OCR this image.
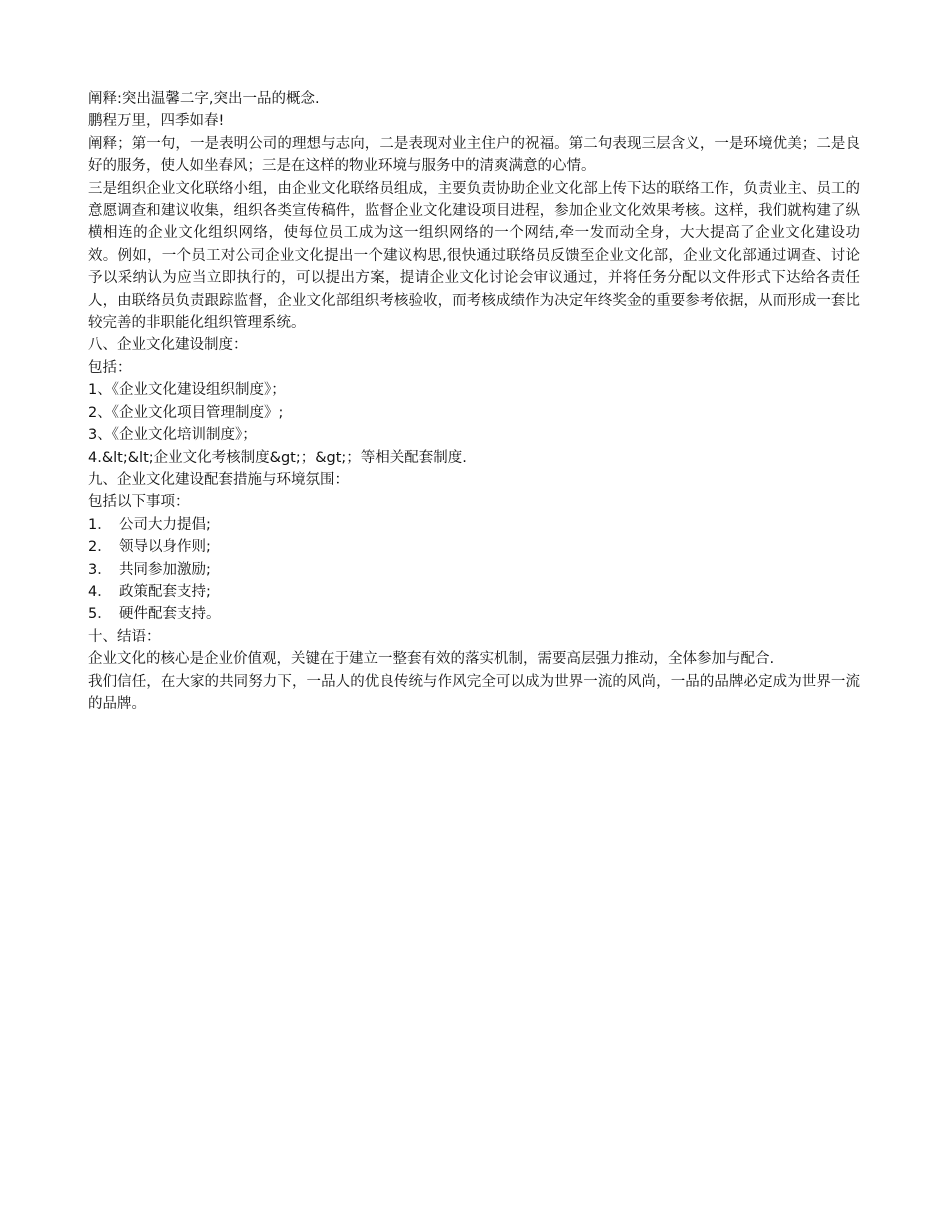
阐释:突出温馨二字,突出一品的概念.

鹏程万里，四季如春!

阐释；第一句，一是表明公司的理想与志向，二是表现对业主住户的祝福。第二句表现三层含义，一是环境优美；二是良好的服务，使人如坐春风；三是在这样的物业环境与服务中的清爽满意的心情。

三是组织企业文化联络小组，由企业文化联络员组成，主要负责协助企业文化部上传下达的联络工作，负责业主、员工的意愿调查和建议收集，组织各类宣传稿件，监督企业文化建设项目进程，参加企业文化效果考核。这样，我们就构建了纵横相连的企业文化组织网络，使每位员工成为这一组织网络的一个网结,牵一发而动全身，大大提高了企业文化建设功效。例如，一个员工对公司企业文化提出一个建议构思,很快通过联络员反馈至企业文化部，企业文化部通过调查、讨论予以采纳认为应当立即执行的，可以提出方案，提请企业文化讨论会审议通过，并将任务分配以文件形式下达给各责任人，由联络员负责跟踪监督，企业文化部组织考核验收，而考核成绩作为决定年终奖金的重要参考依据，从而形成一套比较完善的非职能化组织管理系统。

八、企业文化建设制度：

包括：

1、《企业文化建设组织制度》；

2、《企业文化项目管理制度》;

3、《企业文化培训制度》；

4.&lt;&lt;企业文化考核制度&gt;；&gt;；等相关配套制度.

九、企业文化建设配套措施与环境氛围：

包括以下事项：

1．　公司大力提倡;

2．　领导以身作则;

3．　共同参加激励;

4．　政策配套支持;

5．　硬件配套支持。

十、结语：

企业文化的核心是企业价值观，关键在于建立一整套有效的落实机制，需要高层强力推动，全体参加与配合.

我们信任，在大家的共同努力下，一品人的优良传统与作风完全可以成为世界一流的风尚，一品的品牌必定成为世界一流的品牌。
